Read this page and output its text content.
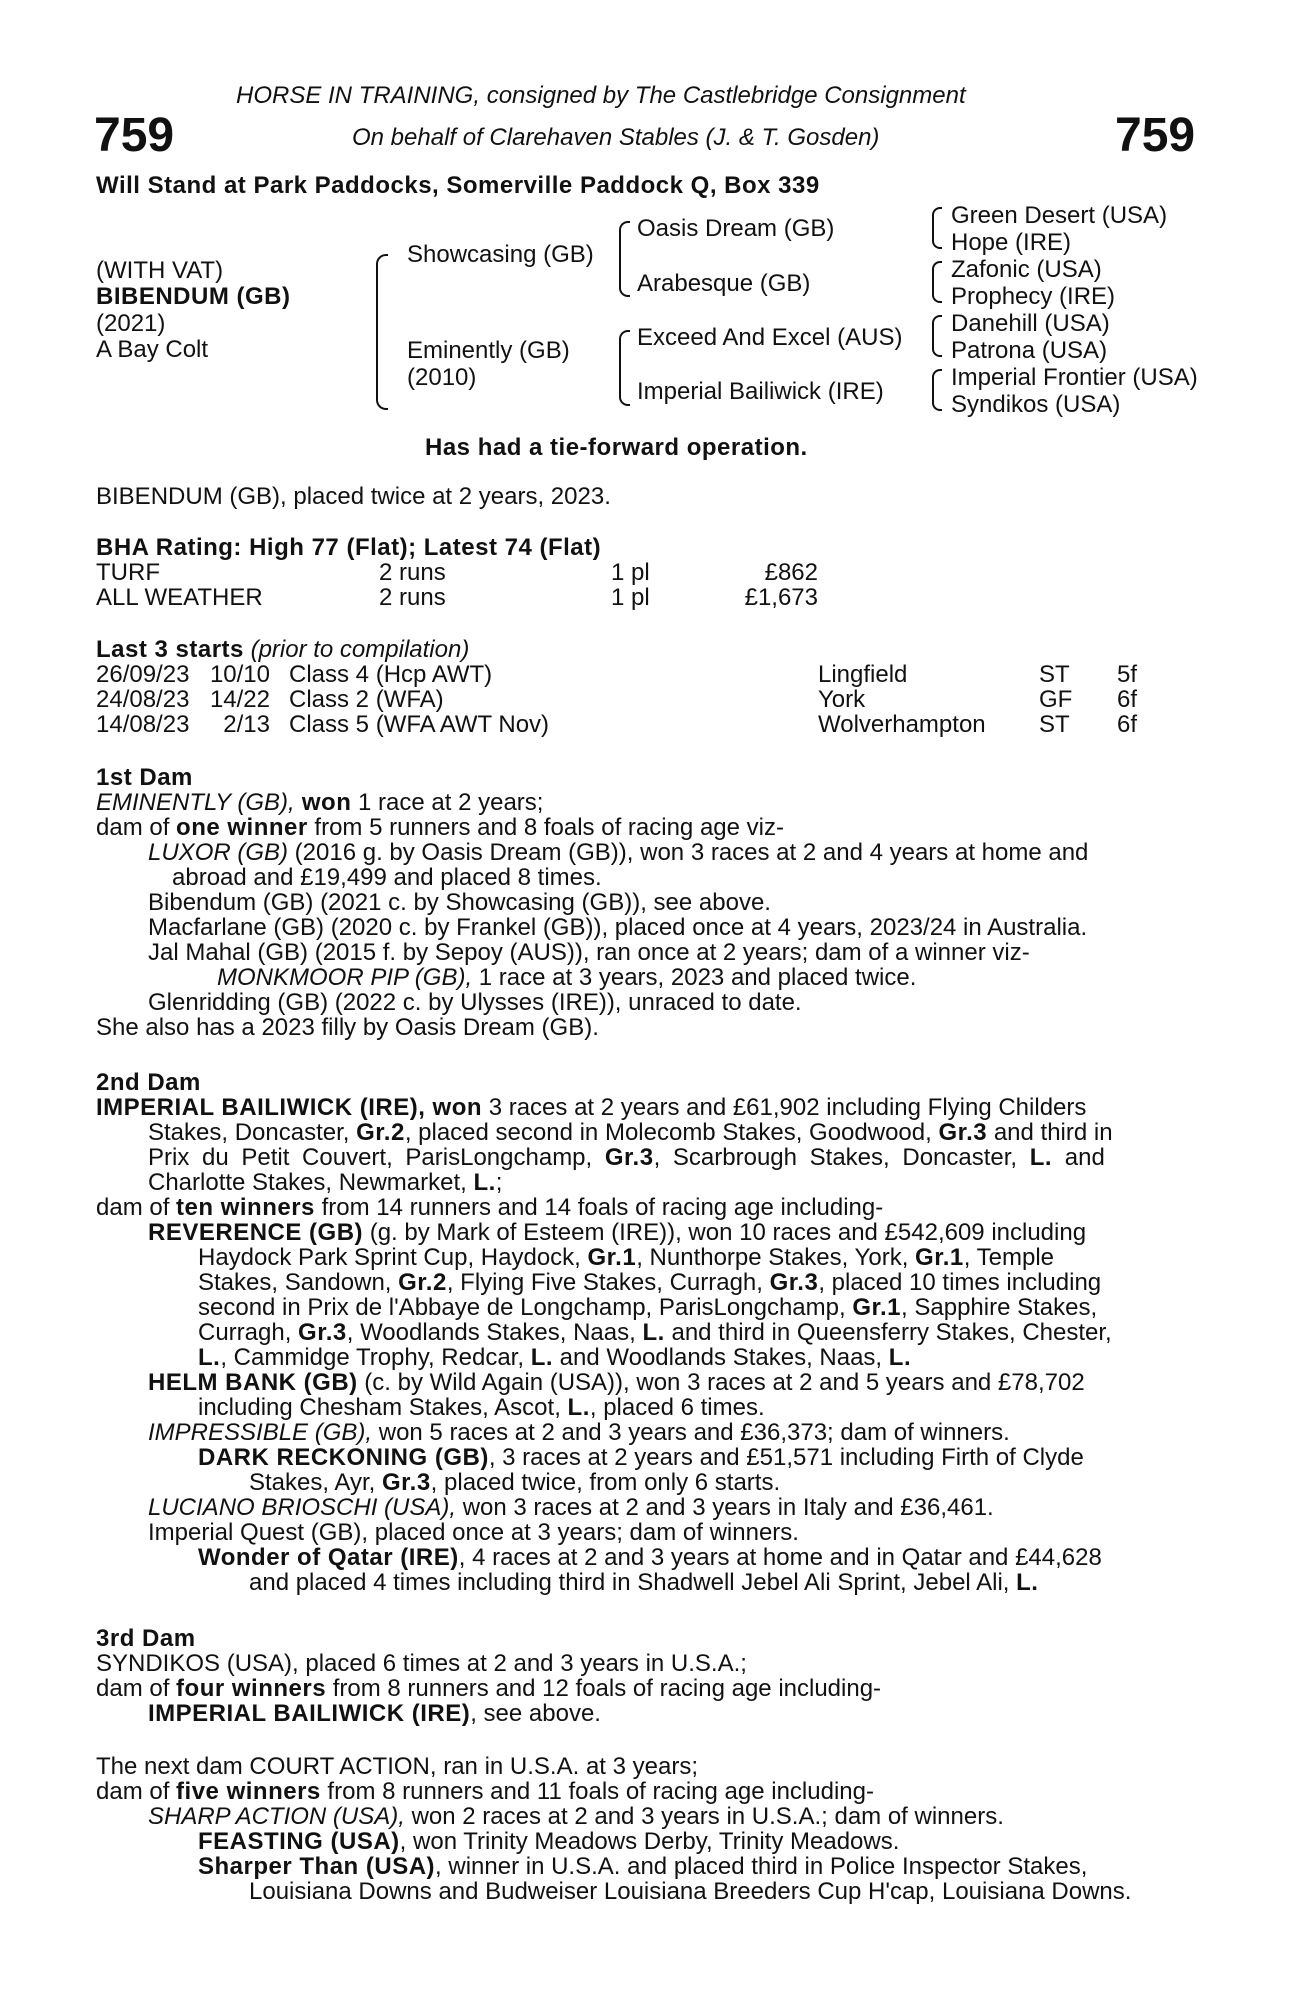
HORSE IN TRAINING, consigned by The Castlebridge Consignment
On behalf of Clarehaven Stables (J. & T. Gosden)
759	759
Will Stand at Park Paddocks, Somerville Paddock Q, Box 339
(WITH VAT)
BIBENDUM (GB)
(2021)
A Bay Colt
Showcasing (GB)
Eminently (GB)
(2010)
Oasis Dream (GB)
Arabesque (GB)
Exceed And Excel (AUS)
Imperial Bailiwick (IRE)
Green Desert (USA)
Hope (IRE)
Zafonic (USA)
Prophecy (IRE)
Danehill (USA)
Patrona (USA)
Imperial Frontier (USA)
Syndikos (USA)
Has had a tie-forward operation.
BIBENDUM (GB), placed twice at 2 years, 2023.
BHA Rating: High 77 (Flat); Latest 74 (Flat)
TURF	2 runs	1 pl	£862
ALL WEATHER	2 runs	1 pl	£1,673
Last 3 starts (prior to compilation)
26/09/23 10/10 Class 4 (Hcp AWT)	Lingfield	ST 5f
24/08/23 14/22 Class 2 (WFA)	York	GF 6f
14/08/23	2/13 Class 5 (WFA AWT Nov)	Wolverhampton ST 6f
1st Dam
EMINENTLY (GB), won 1 race at 2 years;
dam of one winner from 5 runners and 8 foals of racing age viz-
LUXOR (GB) (2016 g. by Oasis Dream (GB)), won 3 races at 2 and 4 years at home and
abroad and £19,499 and placed 8 times.
Bibendum (GB) (2021 c. by Showcasing (GB)), see above.
Macfarlane (GB) (2020 c. by Frankel (GB)), placed once at 4 years, 2023/24 in Australia.
Jal Mahal (GB) (2015 f. by Sepoy (AUS)), ran once at 2 years; dam of a winner viz-
MONKMOOR PIP (GB), 1 race at 3 years, 2023 and placed twice.
Glenridding (GB) (2022 c. by Ulysses (IRE)), unraced to date.
She also has a 2023 filly by Oasis Dream (GB).
2nd Dam
IMPERIAL BAILIWICK (IRE), won 3 races at 2 years and £61,902 including Flying Childers
Stakes, Doncaster, Gr.2, placed second in Molecomb Stakes, Goodwood, Gr.3 and third in
Prix du Petit Couvert, ParisLongchamp, Gr.3, Scarbrough Stakes, Doncaster, L. and
Charlotte Stakes, Newmarket, L.;
dam of ten winners from 14 runners and 14 foals of racing age including-
REVERENCE (GB) (g. by Mark of Esteem (IRE)), won 10 races and £542,609 including
Haydock Park Sprint Cup, Haydock, Gr.1, Nunthorpe Stakes, York, Gr.1, Temple
Stakes, Sandown, Gr.2, Flying Five Stakes, Curragh, Gr.3, placed 10 times including
second in Prix de l'Abbaye de Longchamp, ParisLongchamp, Gr.1, Sapphire Stakes,
Curragh, Gr.3, Woodlands Stakes, Naas, L. and third in Queensferry Stakes, Chester,
L., Cammidge Trophy, Redcar, L. and Woodlands Stakes, Naas, L.
HELM BANK (GB) (c. by Wild Again (USA)), won 3 races at 2 and 5 years and £78,702
including Chesham Stakes, Ascot, L., placed 6 times.
IMPRESSIBLE (GB), won 5 races at 2 and 3 years and £36,373; dam of winners.
DARK RECKONING (GB), 3 races at 2 years and £51,571 including Firth of Clyde
Stakes, Ayr, Gr.3, placed twice, from only 6 starts.
LUCIANO BRIOSCHI (USA), won 3 races at 2 and 3 years in Italy and £36,461.
Imperial Quest (GB), placed once at 3 years; dam of winners.
Wonder of Qatar (IRE), 4 races at 2 and 3 years at home and in Qatar and £44,628
and placed 4 times including third in Shadwell Jebel Ali Sprint, Jebel Ali, L.
3rd Dam
SYNDIKOS (USA), placed 6 times at 2 and 3 years in U.S.A.;
dam of four winners from 8 runners and 12 foals of racing age including-
IMPERIAL BAILIWICK (IRE), see above.
The next dam COURT ACTION, ran in U.S.A. at 3 years;
dam of five winners from 8 runners and 11 foals of racing age including-
SHARP ACTION (USA), won 2 races at 2 and 3 years in U.S.A.; dam of winners.
FEASTING (USA), won Trinity Meadows Derby, Trinity Meadows.
Sharper Than (USA), winner in U.S.A. and placed third in Police Inspector Stakes,
Louisiana Downs and Budweiser Louisiana Breeders Cup H'cap, Louisiana Downs.
